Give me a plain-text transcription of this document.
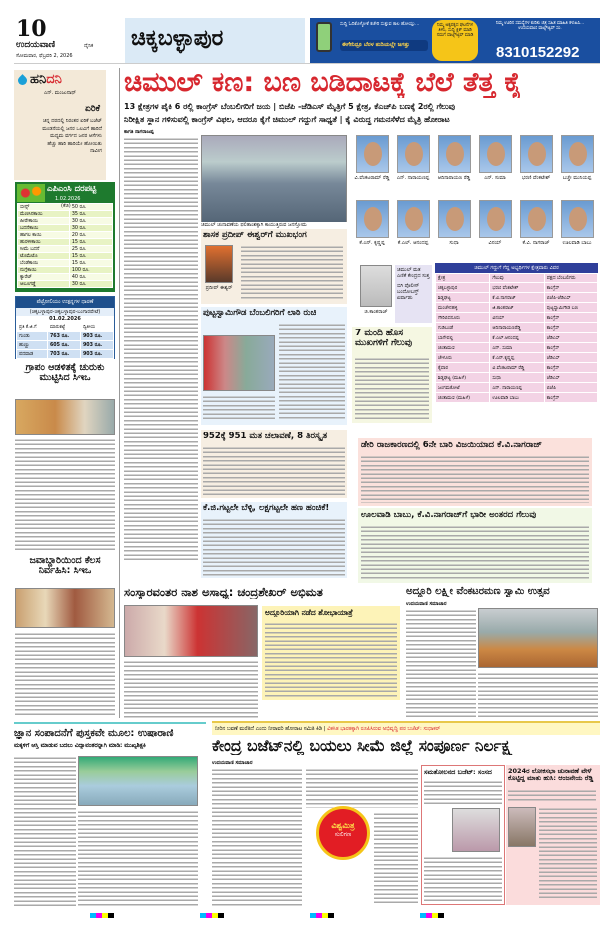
10
ಉದಯವಾಣಿ	ದೈನಿಕ
ಸೋಮವಾರ, ಫೆಬ್ರವರಿ 2, 2026
ಚಿಕ್ಕಬಳ್ಳಾಪುರ
ಸುದ್ದಿ ಓದಿಕೊಳ್ಳೋಕೆ ಕಚೇರಿ ಸುತ್ತುವ ಕಾಲ ಹೋಯ್ತು...
ಈಗೇನಿದ್ರೂ ಬೆರಳ ತುದಿಯಲ್ಲೇ ಜಗತ್ತು
ನಿಮ್ಮ ಅಕ್ಕಪಕ್ಕದ ಘಟನೆಗಳ ತಿಳಿಸಿ, ಸುದ್ದಿ ಕ್ಲಿಕ್ ಮಾಡಿ ನಮಗೆ ವಾಟ್ಸ್ಆ್ಯಪ್ ಮಾಡಿ
ನಿಮ್ಮ ಊರಿನ ಸಮಸ್ಯೆಗಳ ಕುರಿತು ಚಿತ್ರ ಸಹಿತ ಮಾಹಿತಿ ಕಳುಹಿಸಿ... ಉದಯವಾಣಿ ವಾಟ್ಸ್ಆ್ಯಪ್ ಸಂ.
8310152292
ಹನಿದನಿ
ಎನ್. ಮಂಜುನಾಥ್
ಏರಿಕೆ
ಚಿನ್ನ ದರದಲ್ಲಿ ನಿರಂತರ ಏರಿಕೆ ಬಜೆಟ್ ಮಂಡನೆಯಲ್ಲಿ ಜನರ ಒಲವಿಗೆ ಹಾರಿದೆ ಮಧ್ಯಮ ವರ್ಗದ ಜನರ ಆಸೆಗಳು ಹೆಚ್ಚು ಹಾರಿ ಹಾರಿಯೇ ಹೋಯಿತು ನಾವೀಗ
ಎಪಿಎಂಸಿ ದರಪಟ್ಟಿ
1.02.2026
(ಕೆಜಿ)
ಬೀನ್ಸ್	50 ರೂ.
ಮೆಣಸಿನಕಾಯಿ	35 ರೂ.
ಹೀರೇಕಾಯಿ	30 ರೂ.
ಬದನೆಕಾಯಿ	30 ರೂ.
ಹಾಗಲ ಕಾಯಿ	20 ರೂ.
ಹುರಳೀಕಾಯಿ	15 ರೂ.
ಸೀಮೆ ಬದನೆ	25 ರೂ.
ಟೊಮೆಟೊ	15 ರೂ.
ಬೆಂಡೆಕಾಯಿ	15 ರೂ.
ನುಗ್ಗೆಕಾಯಿ	100 ರೂ.
ಕ್ಯಾರೆಟ್	40 ರೂ.
ಆಲೂಗಡ್ಡೆ	30 ರೂ.
ಪೆಟ್ರೋಲಿಯಂ ಉತ್ಪನ್ನಗಳ ಧಾರಣೆ
(ಚಿಕ್ಕಬಳ್ಳಾಪುರ-ಚಿಕ್ಕಬಳ್ಳಾಪುರ-ಬಂಗಾರಪೇಟೆ)
01.02.2026
ಪ್ರತಿ ಕೆ.ಜಿ.ಗೆ	ಮಾರುಕಟ್ಟೆ	ದ್ವಿತೀಯ
ಗುಂಡು	763 ರೂ.	903 ರೂ.
ಹುಣ್ಣು	605 ರೂ.	903 ರೂ.
ಪದವಾಡ	703 ರೂ.	903 ರೂ.
ಗ್ರಾಪಂ ಆಡಳಿತಕ್ಕೆ ಚುರುಕು ಮುಟ್ಟಿಸಿದ ಸಿಇಒ
ಜವಾಬ್ದಾರಿಯಿಂದ ಕೆಲಸ ನಿರ್ವಹಿಸಿ: ಸಿಇಒ
ಚಿಮುಲ್ ಕಣ: ಬಣ ಬಡಿದಾಟಕ್ಕೆ ಬೆಲೆ ತೆತ್ತ ಕೈ
13 ಕ್ಷೇತ್ರಗಳ ಪೈಕಿ 6 ರಲ್ಲಿ ಕಾಂಗ್ರೆಸ್ ಬೆಂಬಲಿಗರಿಗೆ ಜಯ | ಬಿಜೆಪಿ -ಜೆಡಿಎಸ್ ಮೈತ್ರಿಗೆ 5 ಕ್ಷೇತ್ರ, ಕೆಎಚ್‌ಪಿ ಬಣಕ್ಕೆ 2ರಲ್ಲಿ ಗೆಲುವು
ನಿರೀಕ್ಷಿತ ಸ್ಥಾನ ಗಳಿಸುವಲ್ಲಿ ಕಾಂಗ್ರೆಸ್ ವಿಫಲ, ಆದರೂ ಕೈಗೆ ಚಿಮುಲ್ ಗದ್ದುಗೆ ಸಾಧ್ಯತೆ | ಕೈ ವಿರುದ್ಧ ಗಮನಸೆಳೆದ ಮೈತ್ರಿ ಹೋರಾಟ
ಕಾಗತಿ ನಾಗರಾಜಪ್ಪ
ಚಿಮುಲ್ ಚುನಾವಣೆಯ ಫಲಿತಾಂಶಕ್ಕಾಗಿ ಕಾಯುತ್ತಿರುವ ಜನಸ್ತೋಮ
ಶಾಸಕ ಪ್ರದೀಪ್ ಈಶ್ವರ್‌ಗೆ ಮುಖಭಂಗ
ಪ್ರದೀಪ್ ಈಶ್ವರ್
ಪುಟ್ಟಸ್ವಾಮಿಗೌಡ ಬೆಂಬಲಿಗರಿಗೆ ಲಾಠಿ ರುಚಿ
952ಕ್ಕೆ 951 ಮತ ಚಲಾವಣೆ, 8 ತಿರಸ್ಕೃತ
ಕೆ.ಜಿ.ಗಟ್ಟಲೇ ಬೆಳ್ಳಿ, ಲಕ್ಷಗಟ್ಟಲೇ ಹಣ ಹಂಚಿಕೆ!
ವಿ.ವೆಂಕಟರಾಮ್ ರೆಡ್ಡಿ	ಎನ್. ನಾರಾಯಣಪ್ಪ	ಆದಿನಾರಾಯಣ ರೆಡ್ಡಿ	ಎನ್. ಸುಮಾ	ಭರಣಿ ವೆಂಕಟೇಶ್	ಬಚ್ಚೇ ಮುನಿಯಪ್ಪ
ಕೆ.ಎನ್. ಕೃಷ್ಣಪ್ಪ	ಕೆ.ಎಲ್. ಆನಂದಪ್ಪ	ಸುಧಾ	ವಿನಯ್	ಕೆ.ವಿ. ನಾಗರಾಜ್	ಊಲವಾಡಿ ಬಾಬು
ಜಿ.ಕಾಂತರಾಜ್
ಚಿಮುಲ್ ಮತ ಎಣಿಕೆ ಕೇಂದ್ರದ ಸುತ್ತ
ಬಿಗಿ ಪೊಲೀಸ್ ಬಂದೋಬಸ್ತ್ ಏರ್ಪಾಡು
ಚಿಮುಲ್ ಗದ್ದುಗೆ ಗೆದ್ದ ಅಭ್ಯರ್ಥಿಗಳ ಕ್ಷೇತ್ರವಾರು ವಿವರ
ಕ್ಷೇತ್ರ	ಗೆಲುವು	ಪಕ್ಷದ ಬೆಂಬಲಿಗರು
ಚಿಕ್ಕಬಳ್ಳಾಪುರ	ಭರಣಿ ವೆಂಕಟೇಶ್	ಕಾಂಗ್ರೆಸ್
ಶಿಡ್ಲಘಟ್ಟ	ಕೆ.ವಿ.ನಾಗರಾಜ್	ಬಿಜೆಪಿ-ಜೆಡಿಎಸ್
ಮಂಚೇನಹಳ್ಳಿ	ಜಿ.ಕಾಂತರಾಜ್	ಪುಟ್ಟಸ್ವಾಮಿಗೌಡ ಬಣ
ಗೌರಿಬಿದನೂರು	ವಿನಯ್	ಕಾಂಗ್ರೆಸ್
ಗುಡಿಬಂಡೆ	ಆದಿನಾರಾಯಣರೆಡ್ಡಿ	ಕಾಂಗ್ರೆಸ್
ಬಾಗೇಪಲ್ಲಿ	ಕೆ.ಎಲ್.ಆನಂದಪ್ಪ	ಜೆಡಿಎಸ್
ಚಿಂತಾಮಣಿ	ಎನ್. ಸುಮಾ	ಕಾಂಗ್ರೆಸ್
ಚೇಳೂರು	ಕೆ.ಎನ್.ಕೃಷ್ಣಪ್ಪ	ಜೆಡಿಎಸ್
ಕೈವಾರ	ವಿ.ವೆಂಕಟರಾಮ್ ರೆಡ್ಡಿ	ಕಾಂಗ್ರೆಸ್
ಶಿಡ್ಲಘಟ್ಟ (ಮಹಿಳೆ)	ಸುಧಾ	ಜೆಡಿಎಸ್
ಜಂಗಮಕೋಟೆ	ಎನ್. ನಾರಾಯಣಪ್ಪ	ಬಿಜೆಪಿ
ಚಿಂತಾಮಣಿ (ಮಹಿಳೆ)	ಊಲವಾಡಿ ಬಾಬು	ಕಾಂಗ್ರೆಸ್
7 ಮಂದಿ ಹೊಸ ಮುಖಗಳಿಗೆ ಗೆಲುವು
ಡೇರಿ ರಾಜಕಾರಣದಲ್ಲಿ 6ನೇ ಬಾರಿ ವಿಜಯಿಯಾದ ಕೆ.ವಿ.ನಾಗರಾಜ್
ಊಲವಾಡಿ ಬಾಬು, ಕೆ.ವಿ.ನಾಗರಾಜ್‌ಗೆ ಭಾರೀ ಅಂತರದ ಗೆಲುವು
ಸಂಸ್ಕಾರವಂತರ ನಾಶ ಅಸಾಧ್ಯ: ಚಂದ್ರಶೇಖರ್ ಅಭಿಮತ
ಅದ್ದೂರಿಯಾಗಿ ನಡೆದ ಶೋಭಾಯಾತ್ರೆ
ಅದ್ದೂರಿ ಲಕ್ಷ್ಮೀ ವೆಂಕಟರಮಣ ಸ್ವಾಮಿ ಉತ್ಸವ
ಉದಯವಾಣಿ ಸಮಾಚಾರ
ಜ್ಞಾನ ಸಂಪಾದನೆಗೆ ಪುಸ್ತಕವೇ ಮೂಲ: ಉಷಾರಾಣಿ
ಮಕ್ಕಳಿಗೆ ಆಸ್ತಿ ಮಾಡುವ ಬದಲು ವಿದ್ಯಾವಂತರನ್ನಾಗಿ ಮಾಡಿ: ಮುಖ್ಯಶಿಕ್ಷಕಿ
ನೀರಿನ ಬವಣೆ ಮರೆತಿದೆ ಎಂದು ನೀರಾವರಿ ಹೋರಾಟ ಸಮಿತಿ ಕಿಡಿ | ವಿಕಸಿತ ಭಾರತಕ್ಕಾಗಿ ರೂಪಿಸಿರುವ ಅಭಿವೃದ್ಧಿ ಪರ ಬಜೆಟ್: ಸುಧಾಕರ್
ಕೇಂದ್ರ ಬಜೆಟ್‌ನಲ್ಲಿ ಬಯಲು ಸೀಮೆ ಜಿಲ್ಲೆ ಸಂಪೂರ್ಣ ನಿರ್ಲಕ್ಷ್ಯ
ಉದಯವಾಣಿ ಸಮಾಚಾರ
ವಿಶ್ವಮಿತ್ರ
ಸುಲಿಗಣ
ಸಮತೋಲನದ ಬಜೆಟ್: ಸಂಸದ	2024ರ ಲೋಕಸಭಾ ಚುನಾವಣೆ ವೇಳೆ ಕೊಟ್ಟಿದ್ದ ಮಾತು ಹುಸಿ: ಆಂಜನೇಯ ರೆಡ್ಡಿ
